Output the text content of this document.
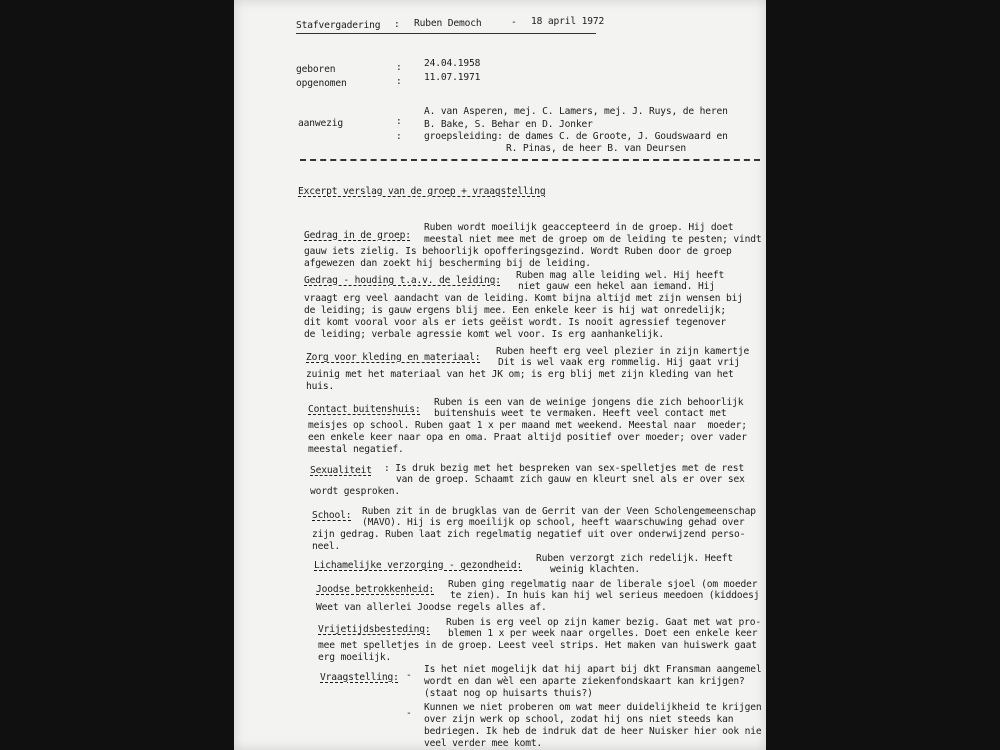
Stafvergadering : Ruben Democh	- 18 april 1972
geboren	: 24.04.1958
opgenomen	: 11.07.1971
aanwezig	:
A. van Asperen, mej. C. Lamers, mej. J. Ruys, de heren
B. Bake, S. Behar en D. Jonker
: groepsleiding: de dames C. de Groote, J. Goudswaard en
R. Pinas, de heer B. van Deursen
Excerpt verslag van de groep + vraagstelling
Gedrag in de groep:
Ruben wordt moeilijk geaccepteerd in de groep. Hij doet
meestal niet mee met de groep om de leiding te pesten; vindt
gauw iets zielig. Is behoorlijk opofferingsgezind. Wordt Ruben door de groep
afgewezen dan zoekt hij bescherming bij de leiding.
Gedrag - houding t.a.v. de leiding: Ruben mag alle leiding wel. Hij heeft
niet gauw een hekel aan iemand. Hij
vraagt erg veel aandacht van de leiding. Komt bijna altijd met zijn wensen bij
de leiding; is gauw ergens blij mee. Een enkele keer is hij wat onredelijk;
dit komt vooral voor als er iets geëist wordt. Is nooit agressief tegenover
de leiding; verbale agressie komt wel voor. Is erg aanhankelijk.
Zorg voor kleding en materiaal:
Ruben heeft erg veel plezier in zijn kamertje
Dit is wel vaak erg rommelig. Hij gaat vrij
zuinig met het materiaal van het JK om; is erg blij met zijn kleding van het
huis.
Contact buitenshuis:
Ruben is een van de weinige jongens die zich behoorlijk
buitenshuis weet te vermaken. Heeft veel contact met
meisjes op school. Ruben gaat 1 x per maand met weekend. Meestal naar  moeder;
een enkele keer naar opa en oma. Praat altijd positief over moeder; over vader
meestal negatief.
Sexualiteit : Is druk bezig met het bespreken van sex-spelletjes met de rest
van de groep. Schaamt zich gauw en kleurt snel als er over sex
wordt gesproken.
School: Ruben zit in de brugklas van de Gerrit van der Veen Scholengemeenschap
(MAVO). Hij is erg moeilijk op school, heeft waarschuwing gehad over
zijn gedrag. Ruben laat zich regelmatig negatief uit over onderwijzend perso-
neel.
Lichamelijke verzorging - gezondheid:
Ruben verzorgt zich redelijk. Heeft
weinig klachten.
Joodse betrokkenheid: Ruben ging regelmatig naar de liberale sjoel (om moeder
te zien). In huis kan hij wel serieus meedoen (kiddoesj
Weet van allerlei Joodse regels alles af.
Vrijetijdsbesteding:
Ruben is erg veel op zijn kamer bezig. Gaat met wat pro-
blemen 1 x per week naar orgelles. Doet een enkele keer
mee met spelletjes in de groep. Leest veel strips. Het maken van huiswerk gaat
erg moeilijk.
Vraagstelling: -
Is het niet mogelijk dat hij apart bij dkt Fransman aangemel
wordt en dan wèl een aparte ziekenfondskaart kan krijgen?
(staat nog op huisarts thuis?)
-
Kunnen we niet proberen om wat meer duidelijkheid te krijgen
over zijn werk op school, zodat hij ons niet steeds kan
bedriegen. Ik heb de indruk dat de heer Nuisker hier ook nie
veel verder mee komt.
